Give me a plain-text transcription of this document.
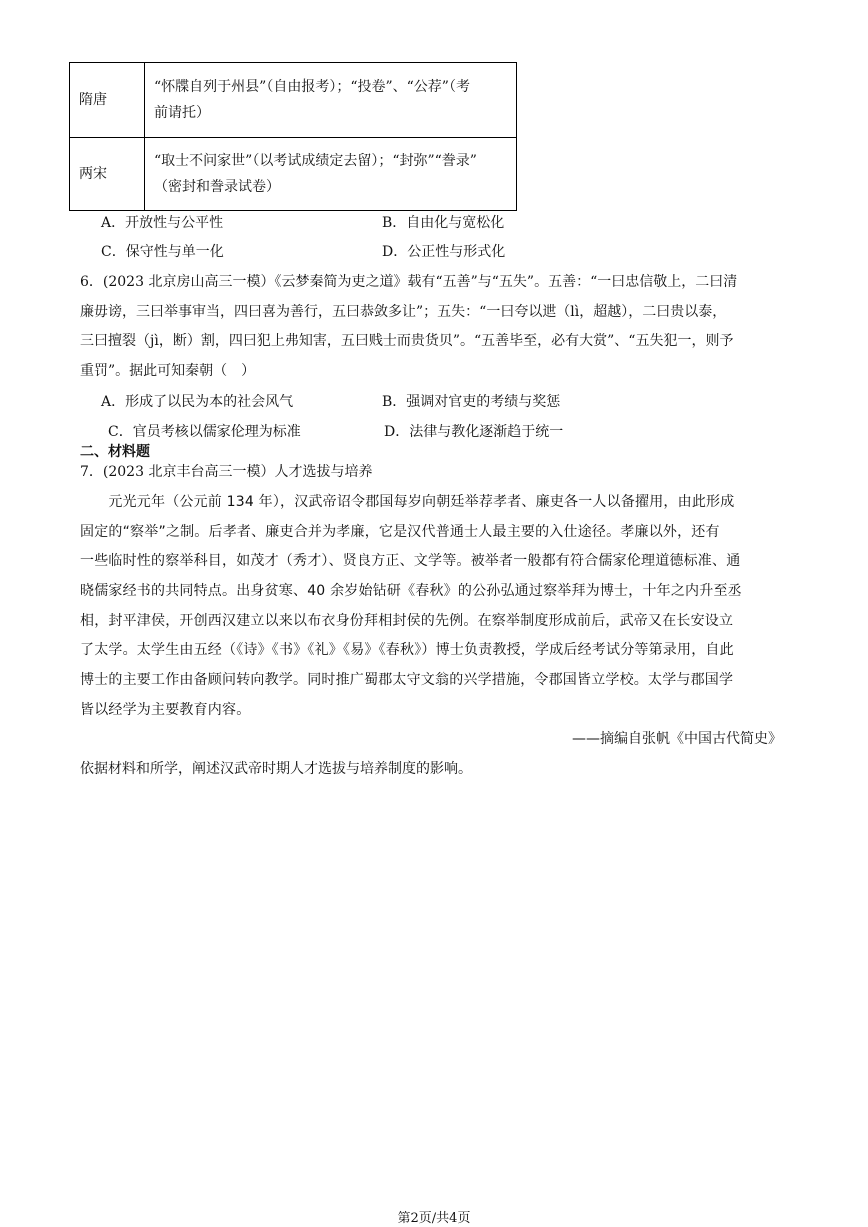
隋唐	“怀牒自列于州县”（自由报考）；“投卷”、“公荐”（考
前请托）

两宋	“取士不问家世”（以考试成绩定去留）；“封弥”“誊录”
（密封和誊录试卷）
A．开放性与公平性	B．自由化与宽松化
C．保守性与单一化	D．公正性与形式化
6．(2023 北京房山高三一模）《云梦秦简为吏之道》载有“五善”与“五失”。五善：“一曰忠信敬上，二曰清
廉毋谤，三曰举事审当，四曰喜为善行，五曰恭敛多让”；五失：“一曰夸以迣（lì，超越），二曰贵以泰，
三曰擅裂（jì，断）割，四曰犯上弗知害，五曰贱士而贵货贝”。“五善毕至，必有大赏”、“五失犯一，则予
重罚”。据此可知秦朝（　）
A．形成了以民为本的社会风气	B．强调对官吏的考绩与奖惩
C．官员考核以儒家伦理为标准	D．法律与教化逐渐趋于统一
二、材料题
7．(2023 北京丰台高三一模）人才选拔与培养
　　元光元年（公元前 134 年），汉武帝诏令郡国每岁向朝廷举荐孝者、廉吏各一人以备擢用，由此形成
固定的“察举”之制。后孝者、廉吏合并为孝廉，它是汉代普通士人最主要的入仕途径。孝廉以外，还有
一些临时性的察举科目，如茂才（秀才）、贤良方正、文学等。被举者一般都有符合儒家伦理道德标准、通
晓儒家经书的共同特点。出身贫寒、40 余岁始钻研《春秋》的公孙弘通过察举拜为博士，十年之内升至丞
相，封平津侯，开创西汉建立以来以布衣身份拜相封侯的先例。在察举制度形成前后，武帝又在长安设立
了太学。太学生由五经（《诗》《书》《礼》《易》《春秋》）博士负责教授，学成后经考试分等第录用，自此
博士的主要工作由备顾问转向教学。同时推广蜀郡太守文翁的兴学措施，令郡国皆立学校。太学与郡国学
皆以经学为主要教育内容。
——摘编自张帆《中国古代简史》
依据材料和所学，阐述汉武帝时期人才选拔与培养制度的影响。
第2页/共4页
